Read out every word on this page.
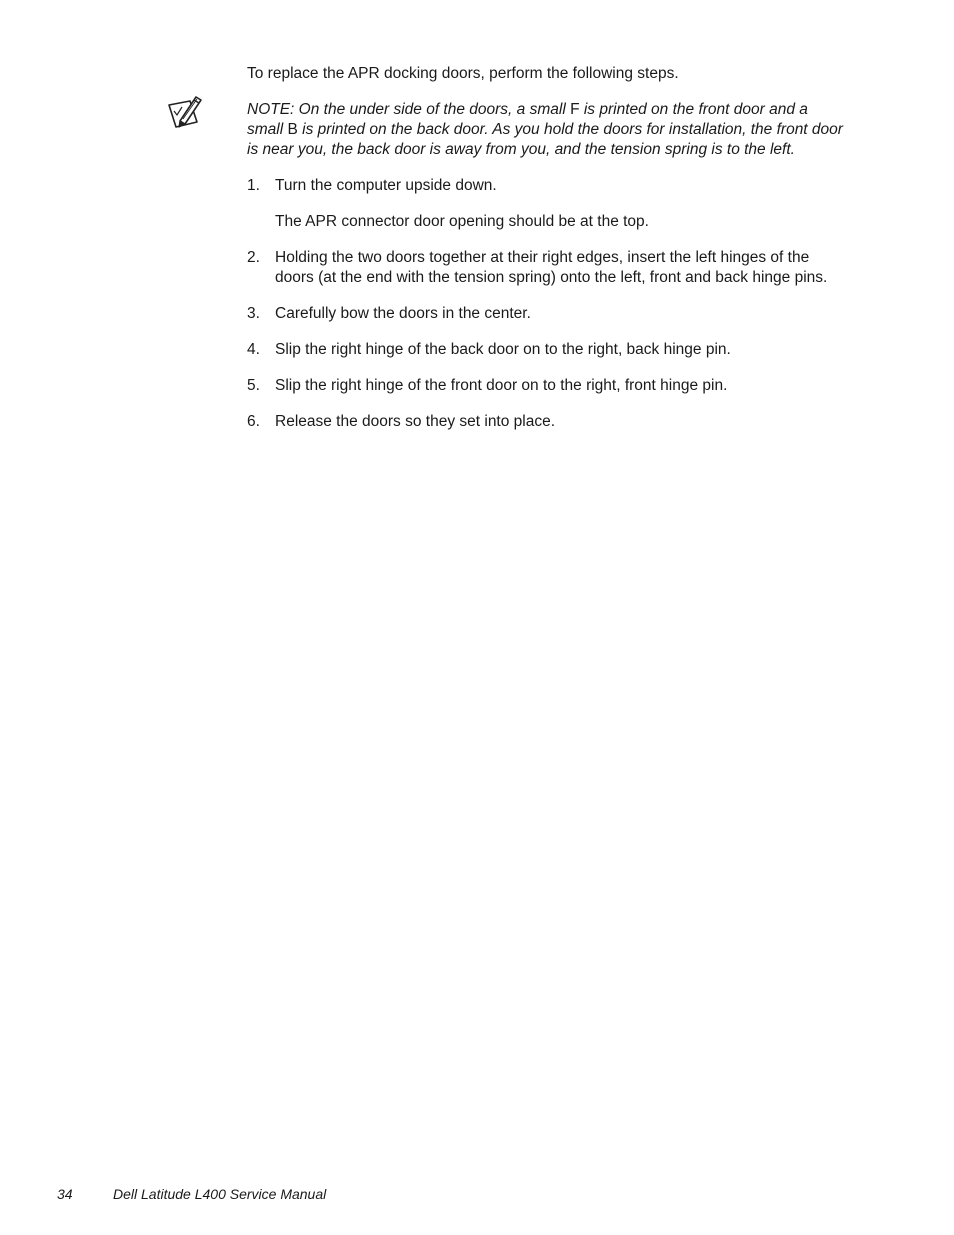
To replace the APR docking doors, perform the following steps.

NOTE: On the under side of the doors, a small F is printed on the front door and a small B is printed on the back door. As you hold the doors for installation, the front door is near you, the back door is away from you, and the tension spring is to the left.

1. Turn the computer upside down.
The APR connector door opening should be at the top.
2. Holding the two doors together at their right edges, insert the left hinges of the doors (at the end with the tension spring) onto the left, front and back hinge pins.
3. Carefully bow the doors in the center.
4. Slip the right hinge of the back door on to the right, back hinge pin.
5. Slip the right hinge of the front door on to the right, front hinge pin.
6. Release the doors so they set into place.
34	Dell Latitude L400 Service Manual
